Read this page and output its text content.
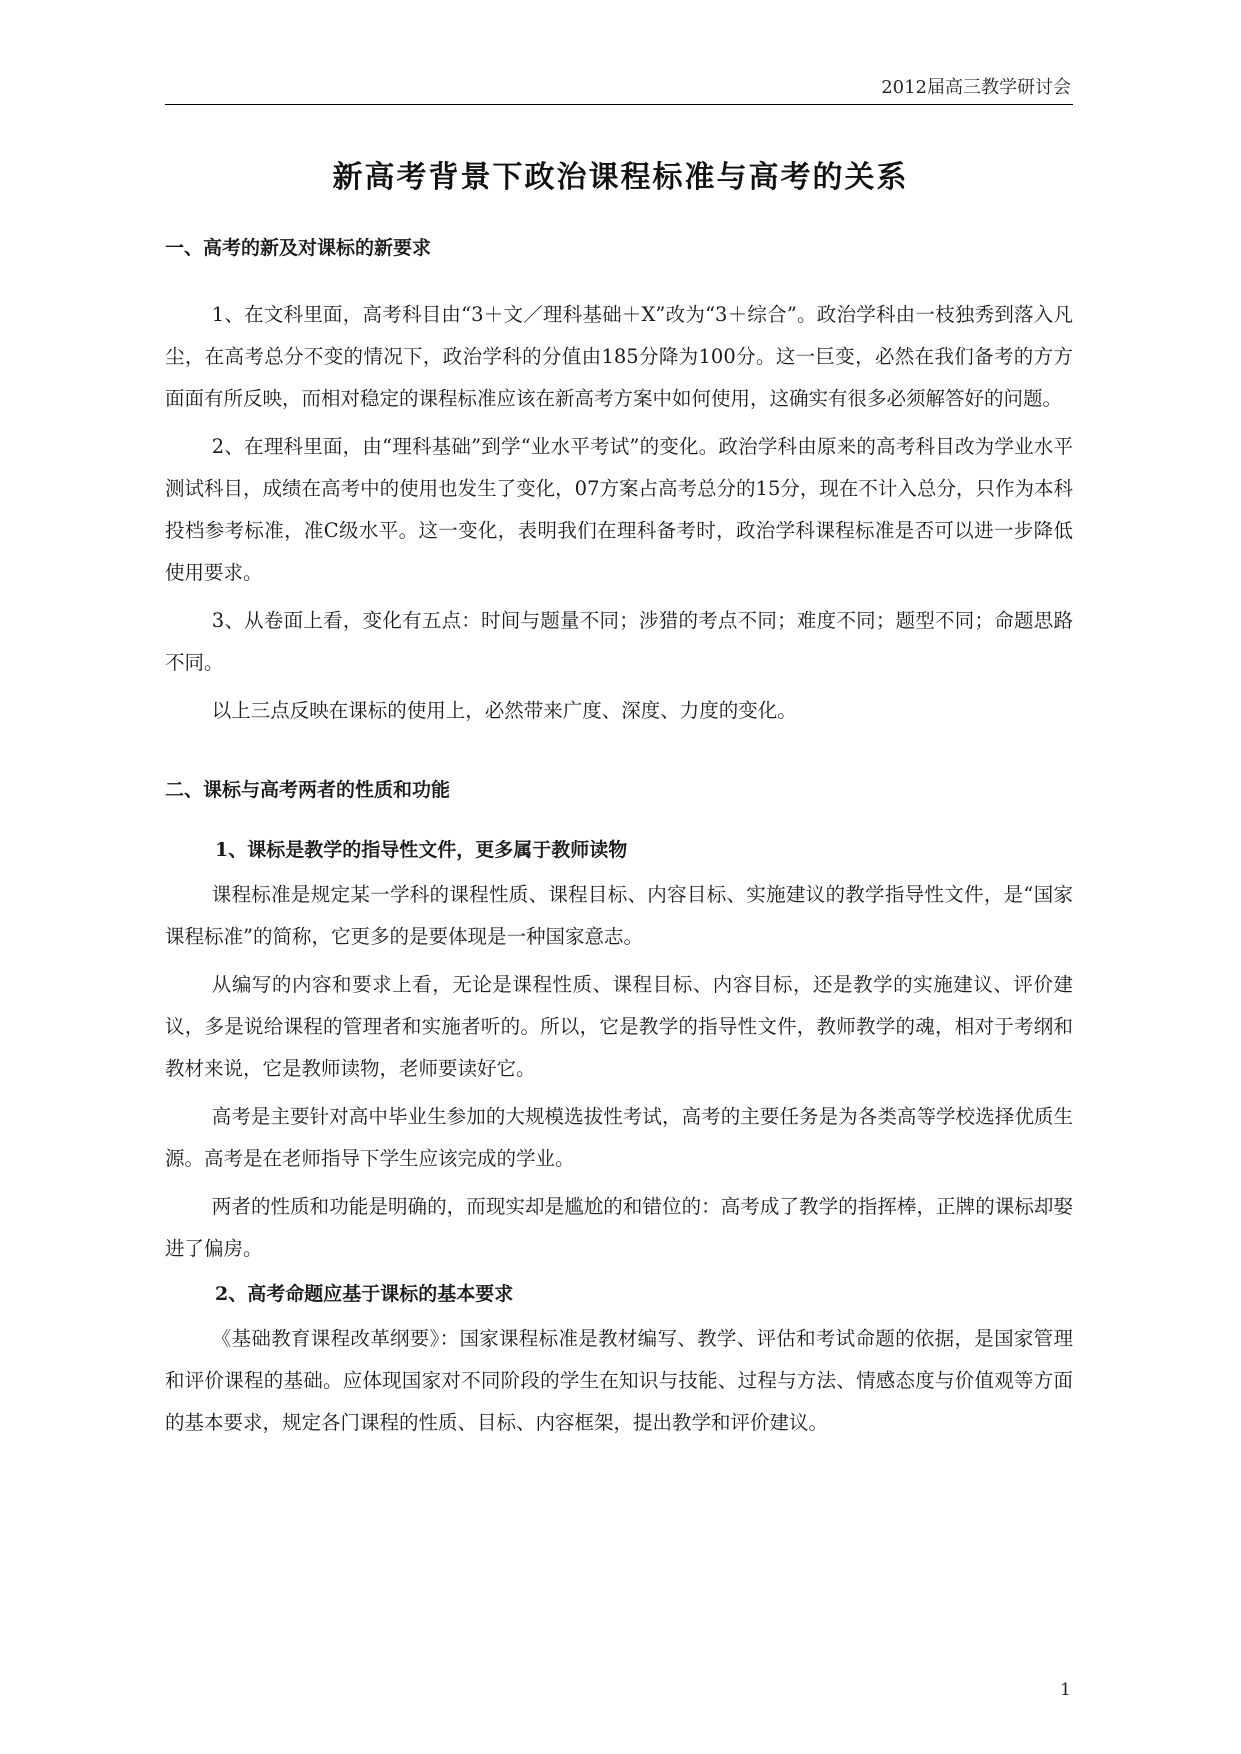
2012届高三教学研讨会
新高考背景下政治课程标准与高考的关系
一、高考的新及对课标的新要求

1、在文科里面，高考科目由“3＋文／理科基础＋X”改为“3＋综合”。政治学科由一枝独秀到落入凡尘，在高考总分不变的情况下，政治学科的分值由185分降为100分。这一巨变，必然在我们备考的方方面面有所反映，而相对稳定的课程标准应该在新高考方案中如何使用，这确实有很多必须解答好的问题。

2、在理科里面，由“理科基础”到学“业水平考试”的变化。政治学科由原来的高考科目改为学业水平测试科目，成绩在高考中的使用也发生了变化，07方案占高考总分的15分，现在不计入总分，只作为本科投档参考标准，准C级水平。这一变化，表明我们在理科备考时，政治学科课程标准是否可以进一步降低使用要求。

3、从卷面上看，变化有五点：时间与题量不同；涉猎的考点不同；难度不同；题型不同；命题思路不同。

以上三点反映在课标的使用上，必然带来广度、深度、力度的变化。

二、课标与高考两者的性质和功能
1、课标是教学的指导性文件，更多属于教师读物

课程标准是规定某一学科的课程性质、课程目标、内容目标、实施建议的教学指导性文件，是“国家课程标准”的简称，它更多的是要体现是一种国家意志。

从编写的内容和要求上看，无论是课程性质、课程目标、内容目标，还是教学的实施建议、评价建议，多是说给课程的管理者和实施者听的。所以，它是教学的指导性文件，教师教学的魂，相对于考纲和教材来说，它是教师读物，老师要读好它。

高考是主要针对高中毕业生参加的大规模选拔性考试，高考的主要任务是为各类高等学校选择优质生源。高考是在老师指导下学生应该完成的学业。

两者的性质和功能是明确的，而现实却是尴尬的和错位的：高考成了教学的指挥棒，正牌的课标却娶进了偏房。

2、高考命题应基于课标的基本要求

《基础教育课程改革纲要》：国家课程标准是教材编写、教学、评估和考试命题的依据，是国家管理和评价课程的基础。应体现国家对不同阶段的学生在知识与技能、过程与方法、情感态度与价值观等方面的基本要求，规定各门课程的性质、目标、内容框架，提出教学和评价建议。

1
